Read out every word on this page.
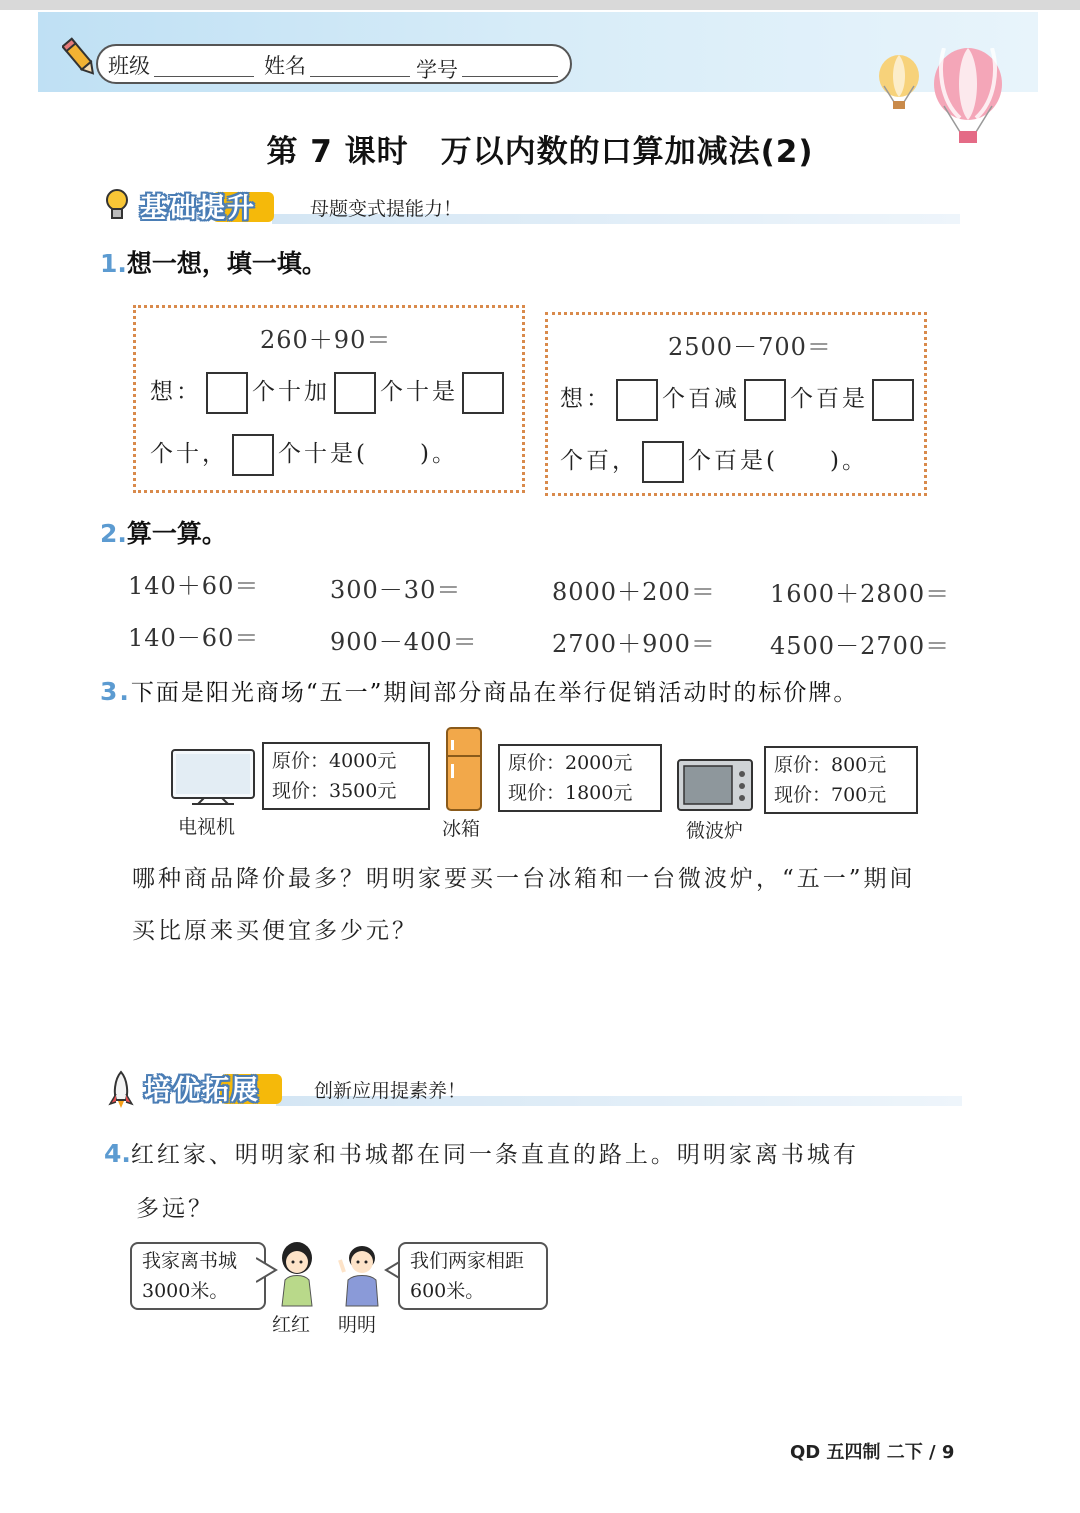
班级	姓名	学号
第 7 课时　万以内数的口算加减法(2)
基础提升	母题变式提能力！
1.想一想，填一填。
260＋90＝
想： 个十加 个十是
个十， 个十是(　　)。
2500－700＝
想： 个百减 个百是
个百， 个百是(　　)。
2.算一算。
140＋60＝	300－30＝	8000＋200＝ 1600＋2800＝
140－60＝	900－400＝	2700＋900＝ 4500－2700＝
3.下面是阳光商场“五一”期间部分商品在举行促销活动时的标价牌。
原价：4000元
现价：3500元
电视机
原价：2000元
现价：1800元
冰箱
原价：800元
现价：700元
微波炉
哪种商品降价最多？明明家要买一台冰箱和一台微波炉，“五一”期间
买比原来买便宜多少元？
培优拓展	创新应用提素养！
4.红红家、明明家和书城都在同一条直直的路上。明明家离书城有
多远？
我家离书城
3000米。
红红 明明
我们两家相距
600米。
QD 五四制 二下 / 9
